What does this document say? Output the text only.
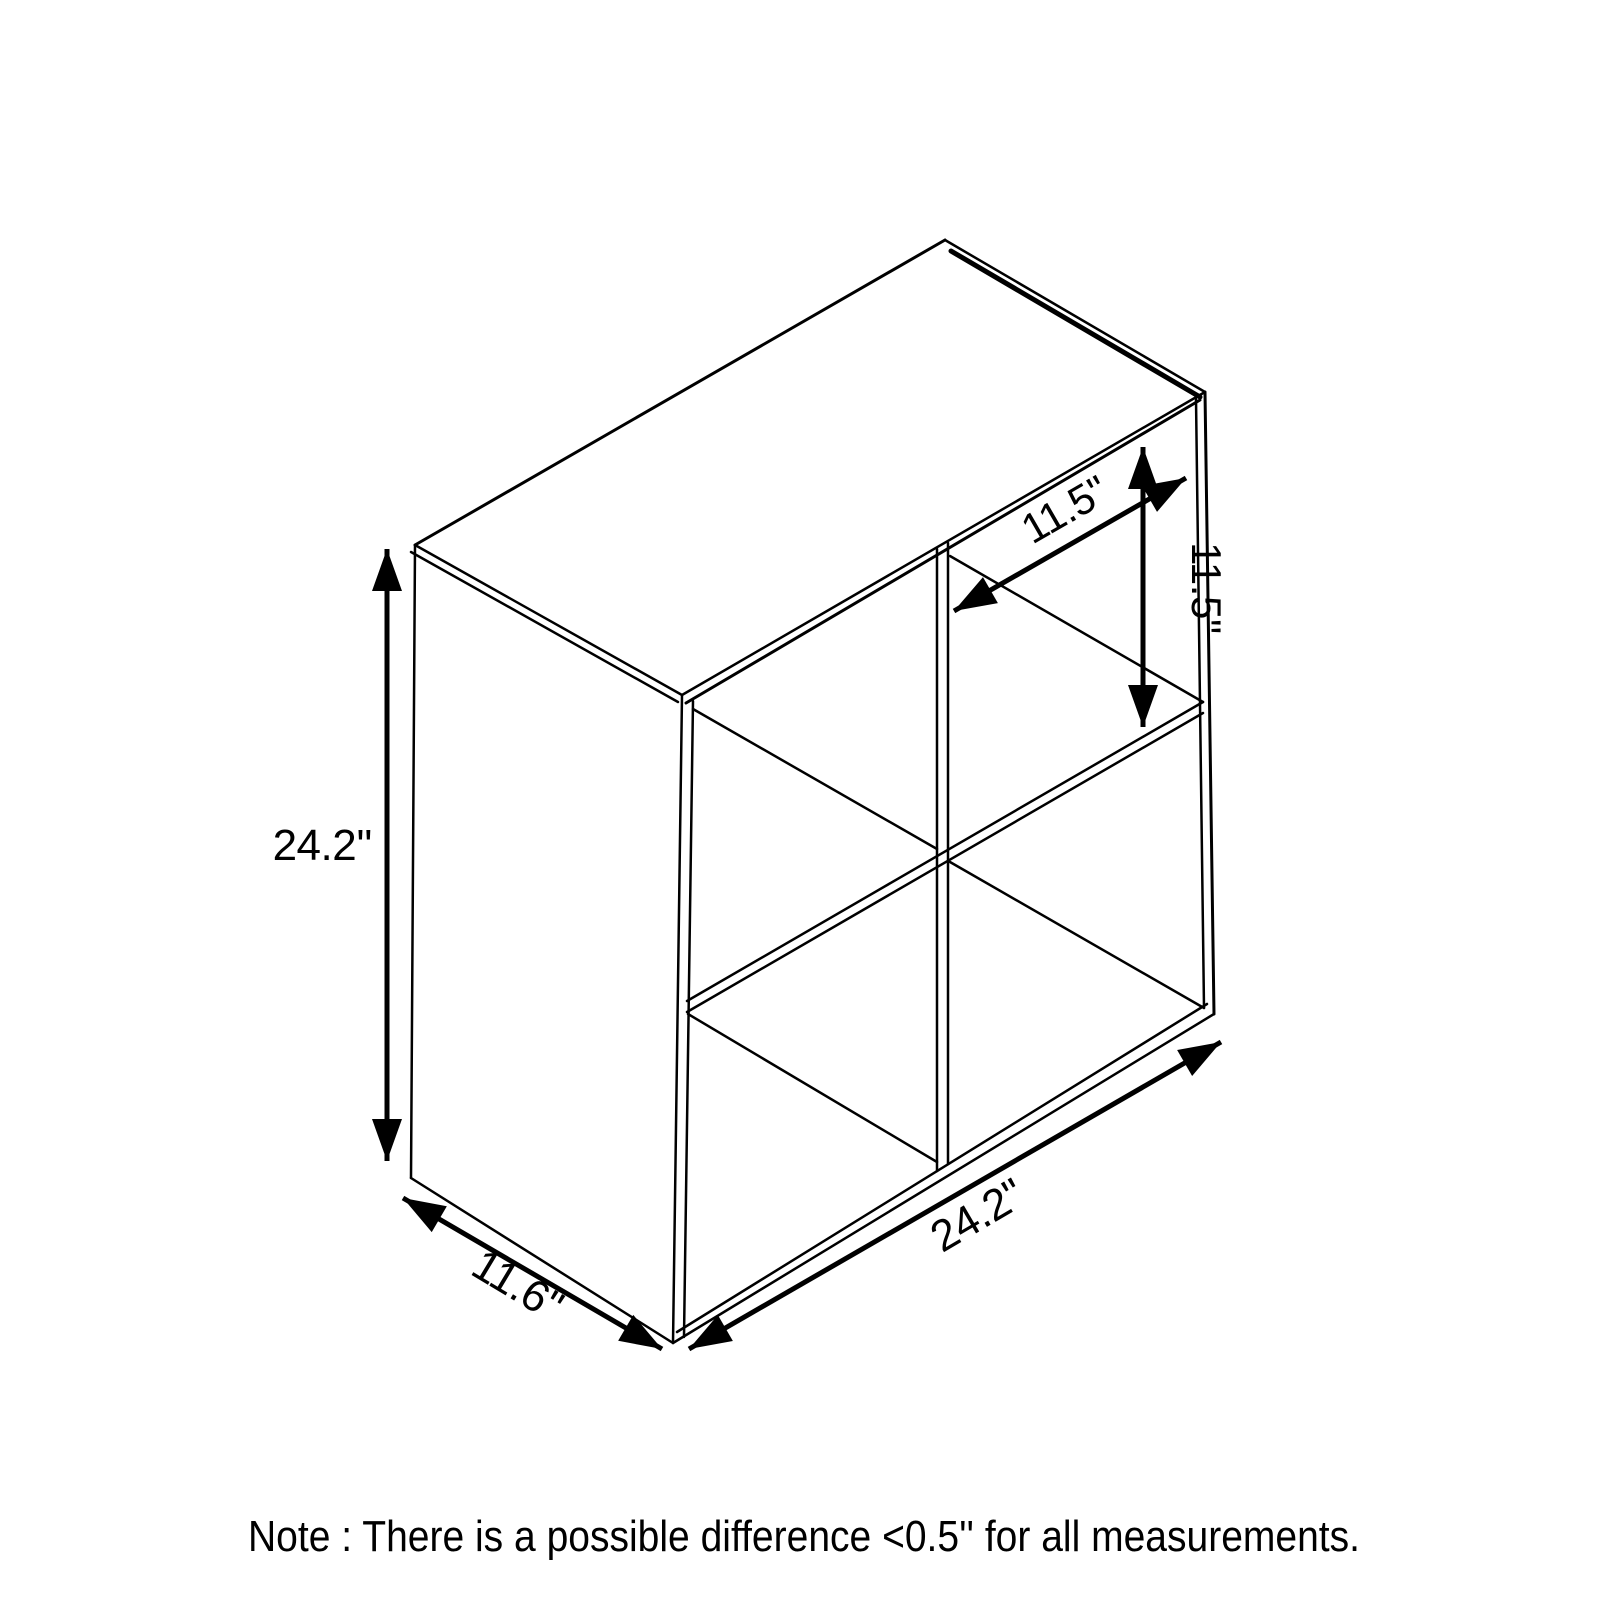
24.2''
11.6''
24.2''
11.5''
11.5''
Note : There is a possible difference <0.5'' for all measurements.
